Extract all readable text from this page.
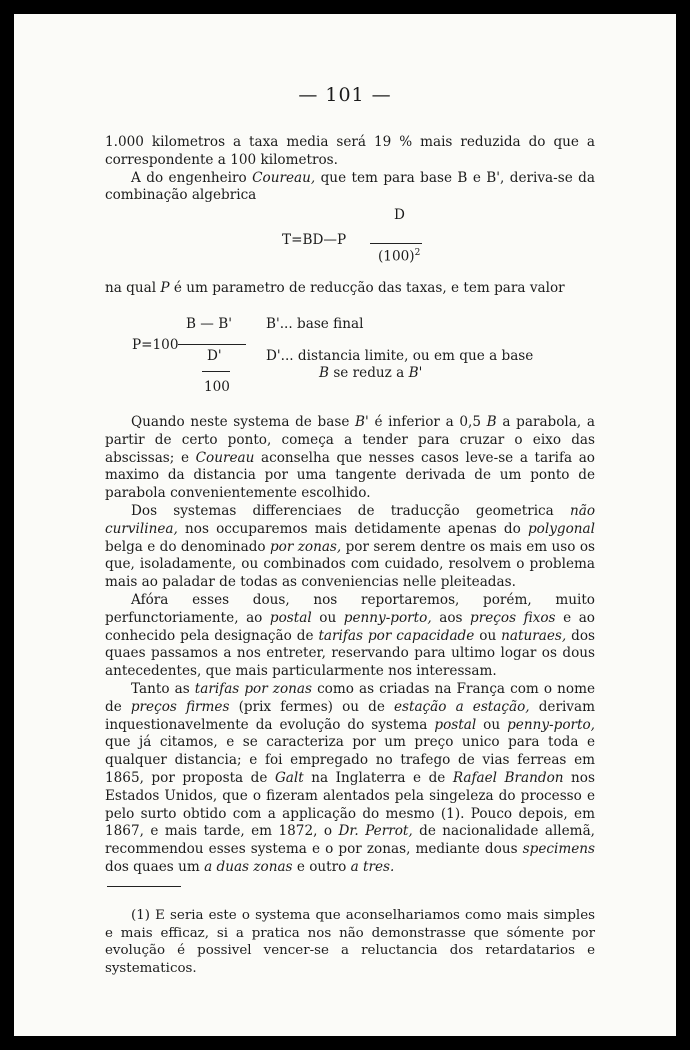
— 101 —

1.000 kilometros a taxa media será 19 % mais reduzida do que a correspondente a 100 kilometros.

A do engenheiro Coureau, que tem para base B e B', deriva-se da combinação algebrica

D
T=BD—P
$(100)^2$

na qual P é um parametro de reducção das taxas, e tem para valor

B — B'
P=100
D'
100
B'... base final
D'... distancia limite, ou em que a base
B se reduz a B'

Quando neste systema de base B' é inferior a 0,5 B a parabola, a partir de certo ponto, começa a tender para cruzar o eixo das abscissas; e Coureau aconselha que nesses casos leve-se a tarifa ao maximo da distancia por uma tangente derivada de um ponto de parabola convenientemente escolhido.

Dos systemas differenciaes de traducção geometrica não curvilinea, nos occuparemos mais detidamente apenas do polygonal belga e do denominado por zonas, por serem dentre os mais em uso os que, isoladamente, ou combinados com cuidado, resolvem o problema mais ao paladar de todas as conveniencias nelle pleiteadas.

Afóra esses dous, nos reportaremos, porém, muito perfunctoriamente, ao postal ou penny-porto, aos preços fixos e ao conhecido pela designação de tarifas por capacidade ou naturaes, dos quaes passamos a nos entreter, reservando para ultimo logar os dous antecedentes, que mais particularmente nos interessam.

Tanto as tarifas por zonas como as criadas na França com o nome de preços firmes (prix fermes) ou de estação a estação, derivam inquestionavelmente da evolução do systema postal ou penny-porto, que já citamos, e se caracteriza por um preço unico para toda e qualquer distancia; e foi empregado no trafego de vias ferreas em 1865, por proposta de Galt na Inglaterra e de Rafael Brandon nos Estados Unidos, que o fizeram alentados pela singeleza do processo e pelo surto obtido com a applicação do mesmo (1). Pouco depois, em 1867, e mais tarde, em 1872, o Dr. Perrot, de nacionalidade allemã, recommendou esses systema e o por zonas, mediante dous specimens dos quaes um a duas zonas e outro a tres.

(1) E seria este o systema que aconselhariamos como mais simples e mais efficaz, si a pratica nos não demonstrasse que sómente por evolução é possivel vencer-se a reluctancia dos retardatarios e systematicos.
